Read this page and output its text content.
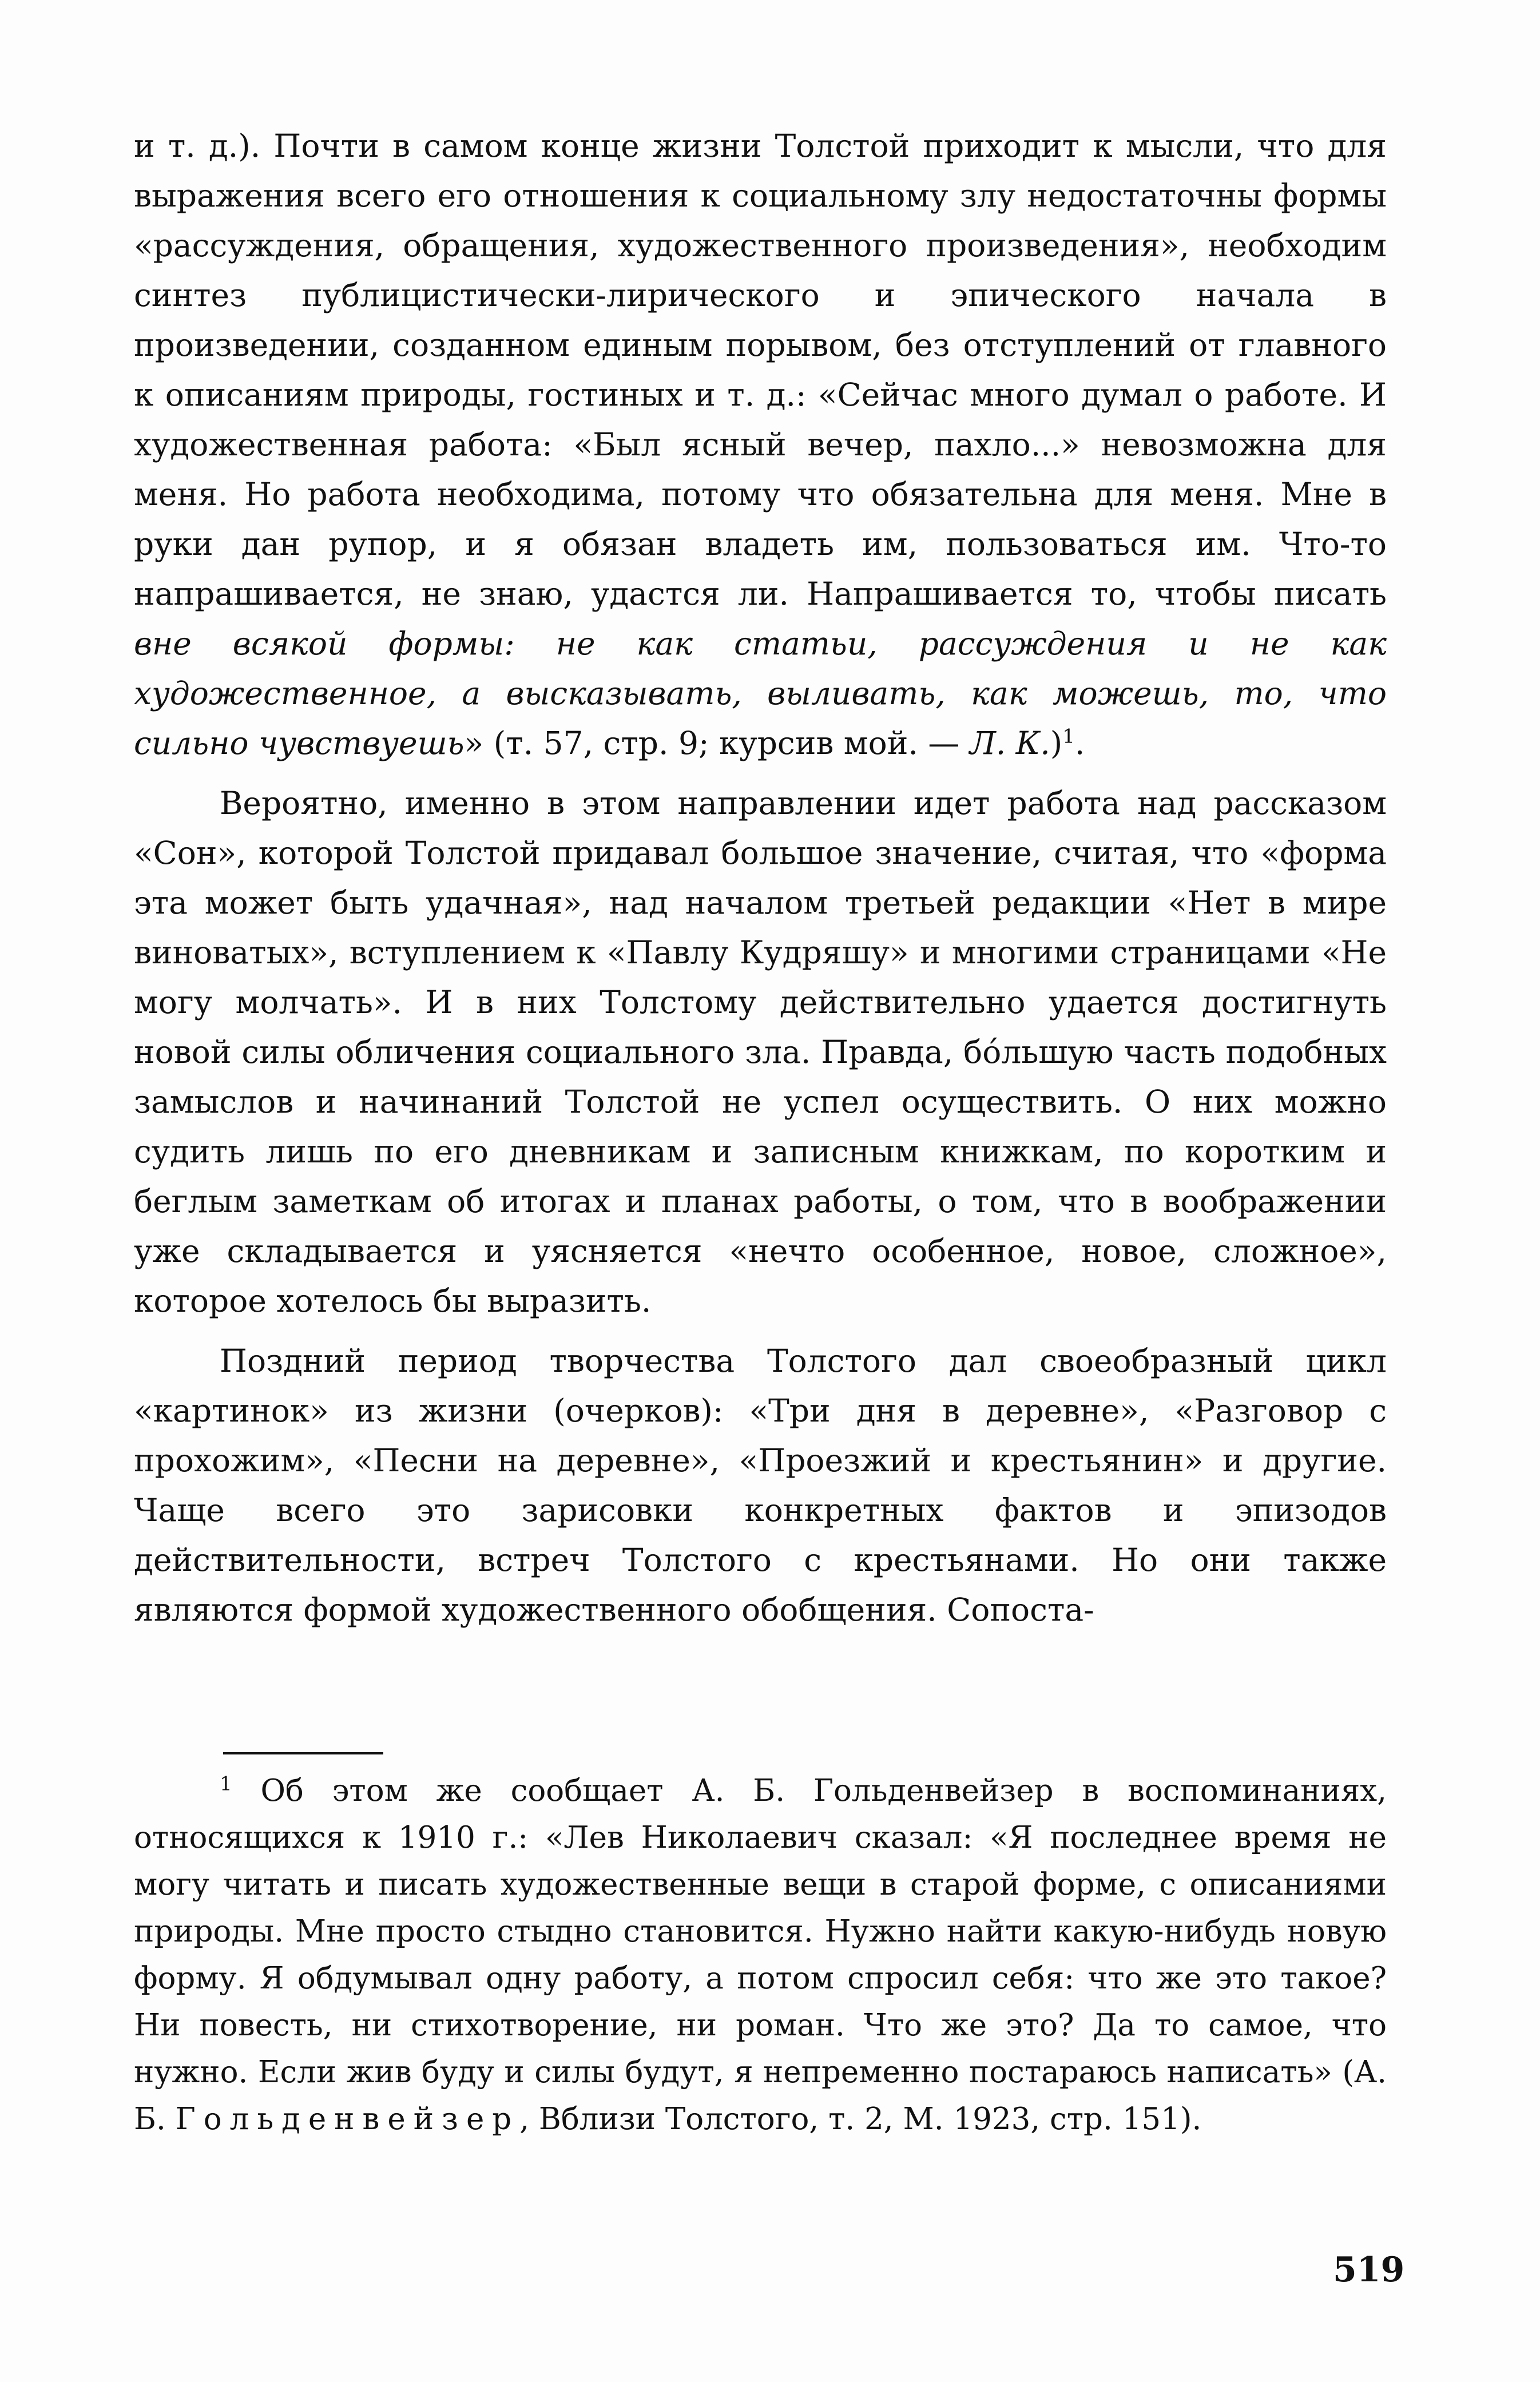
и т. д.). Почти в самом конце жизни Толстой приходит к мысли, что для выражения всего его отношения к социальному злу недостаточны формы «рассуждения, обращения, художественного произведения», необходим синтез публицистически-лирического и эпического начала в произведении, созданном единым порывом, без отступлений от главного к описаниям природы, гостиных и т. д.: «Сейчас много думал о работе. И художественная работа: «Был ясный вечер, пахло...» невозможна для меня. Но работа необходима, потому что обязательна для меня. Мне в руки дан рупор, и я обязан владеть им, пользоваться им. Что-то напрашивается, не знаю, удастся ли. Напрашивается то, чтобы писать вне всякой формы: не как статьи, рассуждения и не как художественное, а высказывать, выливать, как можешь, то, что сильно чувствуешь» (т. 57, стр. 9; курсив мой. — Л. К.)$^1$.

Вероятно, именно в этом направлении идет работа над рассказом «Сон», которой Толстой придавал большое значение, считая, что «форма эта может быть удачная», над началом третьей редакции «Нет в мире виноватых», вступлением к «Павлу Кудряшу» и многими страницами «Не могу молчать». И в них Толстому действительно удается достигнуть новой силы обличения социального зла. Правда, бо́льшую часть подобных замыслов и начинаний Толстой не успел осуществить. О них можно судить лишь по его дневникам и записным книжкам, по коротким и беглым заметкам об итогах и планах работы, о том, что в воображении уже складывается и уясняется «нечто особенное, новое, сложное», которое хотелось бы выразить.

Поздний период творчества Толстого дал своеобразный цикл «картинок» из жизни (очерков): «Три дня в деревне», «Разговор с прохожим», «Песни на деревне», «Проезжий и крестьянин» и другие. Чаще всего это зарисовки конкретных фактов и эпизодов действительности, встреч Толстого с крестьянами. Но они также являются формой художественного обобщения. Сопоста-

$^1$ Об этом же сообщает А. Б. Гольденвейзер в воспоминаниях, относящихся к 1910 г.: «Лев Николаевич сказал: «Я последнее время не могу читать и писать художественные вещи в старой форме, с описаниями природы. Мне просто стыдно становится. Нужно найти какую-нибудь новую форму. Я обдумывал одну работу, а потом спросил себя: что же это такое? Ни повесть, ни стихотворение, ни роман. Что же это? Да то самое, что нужно. Если жив буду и силы будут, я непременно постараюсь написать» (А. Б. Гольденвейзер, Вблизи Толстого, т. 2, М. 1923, стр. 151).

519
